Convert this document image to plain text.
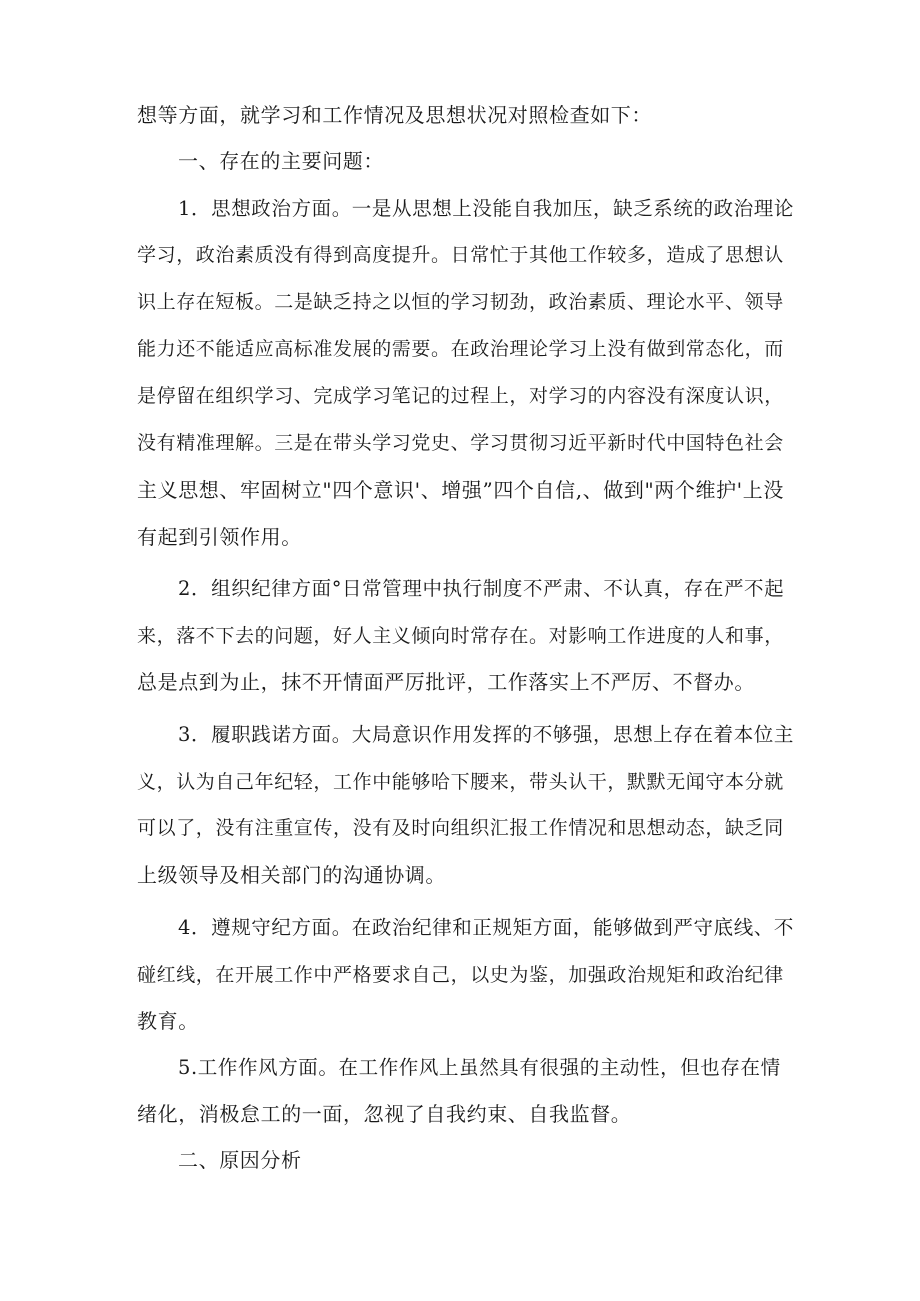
想等方面，就学习和工作情况及思想状况对照检查如下：

一、存在的主要问题：

1．思想政治方面。一是从思想上没能自我加压，缺乏系统的政治理论

学习，政治素质没有得到高度提升。日常忙于其他工作较多，造成了思想认

识上存在短板。二是缺乏持之以恒的学习韧劲，政治素质、理论水平、领导

能力还不能适应高标准发展的需要。在政治理论学习上没有做到常态化，而

是停留在组织学习、完成学习笔记的过程上，对学习的内容没有深度认识，

没有精准理解。三是在带头学习党史、学习贯彻习近平新时代中国特色社会

主义思想、牢固树立"四个意识'、增强”四个自信,、做到"两个维护'上没

有起到引领作用。

2．组织纪律方面°日常管理中执行制度不严肃、不认真，存在严不起

来，落不下去的问题，好人主义倾向时常存在。对影响工作进度的人和事，

总是点到为止，抹不开情面严厉批评，工作落实上不严厉、不督办。

3．履职践诺方面。大局意识作用发挥的不够强，思想上存在着本位主

义，认为自己年纪轻，工作中能够哈下腰来，带头认干，默默无闻守本分就

可以了，没有注重宣传，没有及时向组织汇报工作情况和思想动态，缺乏同

上级领导及相关部门的沟通协调。

4．遵规守纪方面。在政治纪律和正规矩方面，能够做到严守底线、不

碰红线，在开展工作中严格要求自己，以史为鉴，加强政治规矩和政治纪律

教育。

5.工作作风方面。在工作作风上虽然具有很强的主动性，但也存在情

绪化，消极怠工的一面，忽视了自我约束、自我监督。

二、原因分析
